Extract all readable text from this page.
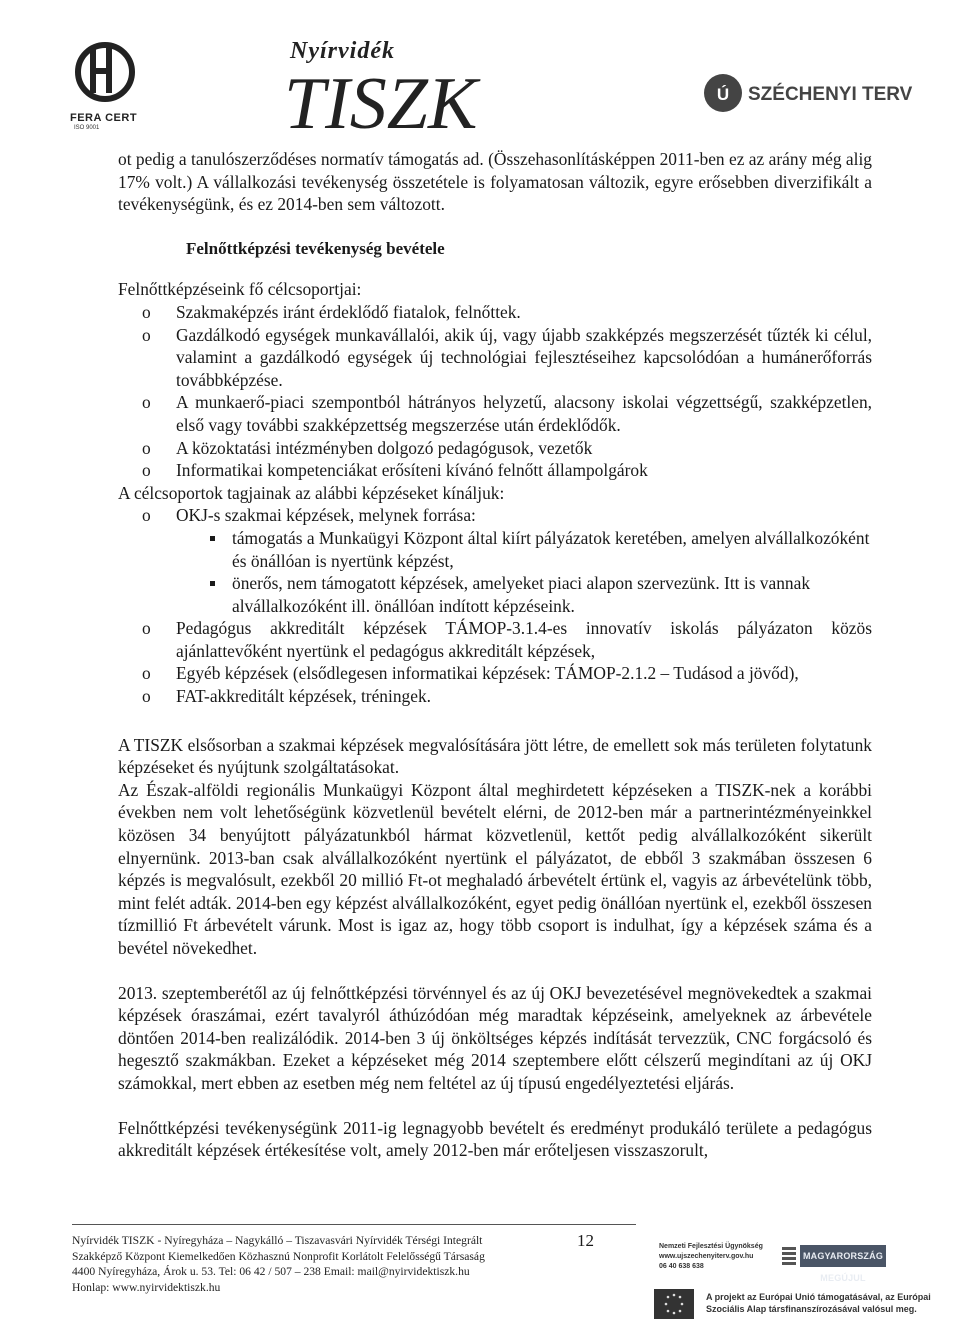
FERA CERT
ISO 9001
Nyírvidék
TISZK	Ú SZÉCHENYI TERV

ot pedig a tanulószerződéses normatív támogatás ad. (Összehasonlításképpen 2011-ben ez az arány még alig 17% volt.) A vállalkozási tevékenység összetétele is folyamatosan változik, egyre erősebben diverzifikált a tevékenységünk, és ez 2014-ben sem változott.

Felnőttképzési tevékenység bevétele

Felnőttképzéseink fő célcsoportjai:

o Szakmaképzés iránt érdeklődő fiatalok, felnőttek.
o Gazdálkodó egységek munkavállalói, akik új, vagy újabb szakképzés megszerzését tűzték ki célul, valamint a gazdálkodó egységek új technológiai fejlesztéseihez kapcsolódóan a humánerőforrás továbbképzése.
o A munkaerő-piaci szempontból hátrányos helyzetű, alacsony iskolai végzettségű, szakképzetlen, első vagy további szakképzettség megszerzése után érdeklődők.
o A közoktatási intézményben dolgozó pedagógusok, vezetők
o Informatikai kompetenciákat erősíteni kívánó felnőtt állampolgárok

A célcsoportok tagjainak az alábbi képzéseket kínáljuk:

o OKJ-s szakmai képzések, melynek forrása:
támogatás a Munkaügyi Központ által kiírt pályázatok keretében, amelyen alvállalkozóként és önállóan is nyertünk képzést,
önerős, nem támogatott képzések, amelyeket piaci alapon szervezünk. Itt is vannak alvállalkozóként ill. önállóan indított képzéseink.
o Pedagógus akkreditált képzések TÁMOP-3.1.4-es innovatív iskolás pályázaton közös ajánlattevőként nyertünk el pedagógus akkreditált képzések,
o Egyéb képzések (elsődlegesen informatikai képzések: TÁMOP-2.1.2 – Tudásod a jövőd),
o FAT-akkreditált képzések, tréningek.

A TISZK elsősorban a szakmai képzések megvalósítására jött létre, de emellett sok más területen folytatunk képzéseket és nyújtunk szolgáltatásokat.

Az Észak-alföldi regionális Munkaügyi Központ által meghirdetett képzéseken a TISZK-nek a korábbi években nem volt lehetőségünk közvetlenül bevételt elérni, de 2012-ben már a partnerintézményeinkkel közösen 34 benyújtott pályázatunkból hármat közvetlenül, kettőt pedig alvállalkozóként sikerült elnyernünk. 2013-ban csak alvállalkozóként nyertünk el pályázatot, de ebből 3 szakmában összesen 6 képzés is megvalósult, ezekből 20 millió Ft-ot meghaladó árbevételt értünk el, vagyis az árbevételünk több, mint felét adták. 2014-ben egy képzést alvállalkozóként, egyet pedig önállóan nyertünk el, ezekből összesen tízmillió Ft árbevételt várunk. Most is igaz az, hogy több csoport is indulhat, így a képzések száma és a bevétel növekedhet.

2013. szeptemberétől az új felnőttképzési törvénnyel és az új OKJ bevezetésével megnövekedtek a szakmai képzések óraszámai, ezért tavalyról áthúzódóan még maradtak képzéseink, amelyeknek az árbevétele döntően 2014-ben realizálódik. 2014-ben 3 új önköltséges képzés indítását tervezzük, CNC forgácsoló és hegesztő szakmákban. Ezeket a képzéseket még 2014 szeptembere előtt célszerű megindítani az új OKJ számokkal, mert ebben az esetben még nem feltétel az új típusú engedélyeztetési eljárás.

Felnőttképzési tevékenységünk 2011-ig legnagyobb bevételt és eredményt produkáló területe a pedagógus akkreditált képzések értékesítése volt, amely 2012-ben már erőteljesen visszaszorult,

Nyírvidék TISZK - Nyíregyháza – Nagykálló – Tiszavasvári Nyírvidék Térségi Integrált
Szakképző Központ Kiemelkedően Közhasznú Nonprofit Korlátolt Felelősségű Társaság
4400 Nyíregyháza, Árok u. 53. Tel: 06 42 / 507 – 238 Email: mail@nyirvidektiszk.hu
Honlap: www.nyirvidektiszk.hu
12	Nemzeti Fejlesztési Ügynökség
www.ujszechenyiterv.gov.hu
06 40 638 638
MAGYARORSZÁG MEGÚJUL
A projekt az Európai Unió támogatásával, az Európai
Szociális Alap társfinanszírozásával valósul meg.
